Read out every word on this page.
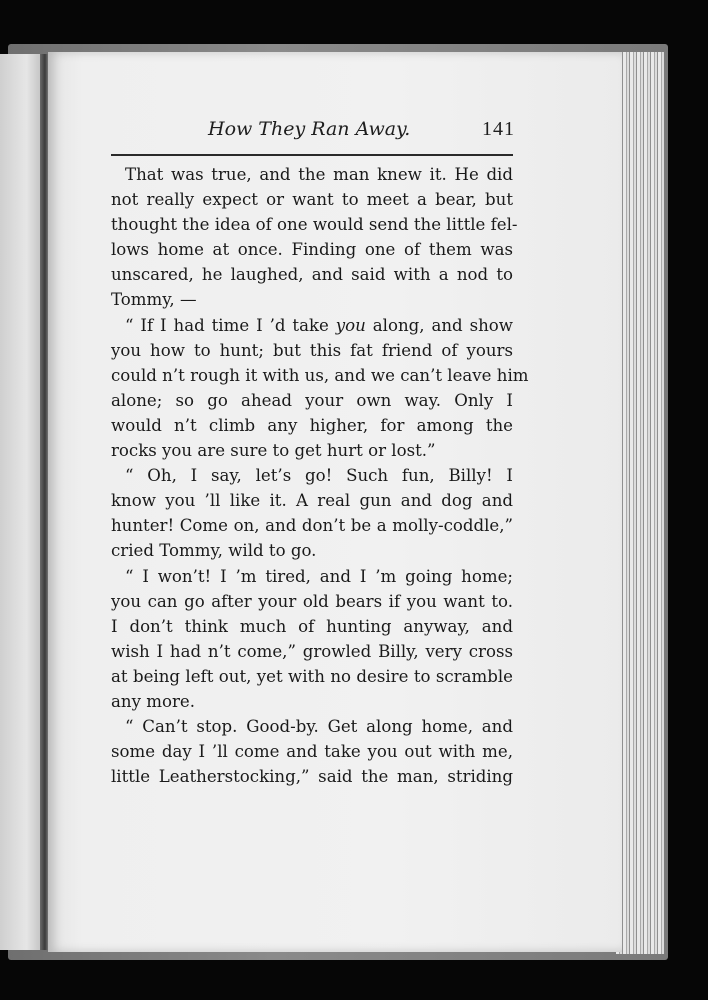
How They Ran Away.	141
That was true, and the man knew it. He did
not really expect or want to meet a bear, but
thought the idea of one would send the little fel-
lows home at once. Finding one of them was
unscared, he laughed, and said with a nod to
Tommy, —
“ If I had time I ’d take you along, and show
you how to hunt; but this fat friend of yours
could n’t rough it with us, and we can’t leave him
alone; so go ahead your own way. Only I
would n’t climb any higher, for among the
rocks you are sure to get hurt or lost.”
“ Oh, I say, let’s go! Such fun, Billy! I
know you ’ll like it. A real gun and dog and
hunter! Come on, and don’t be a molly-coddle,”
cried Tommy, wild to go.
“ I won’t! I ’m tired, and I ’m going home;
you can go after your old bears if you want to.
I don’t think much of hunting anyway, and
wish I had n’t come,” growled Billy, very cross
at being left out, yet with no desire to scramble
any more.
“ Can’t stop. Good-by. Get along home, and
some day I ’ll come and take you out with me,
little Leatherstocking,” said the man, striding
